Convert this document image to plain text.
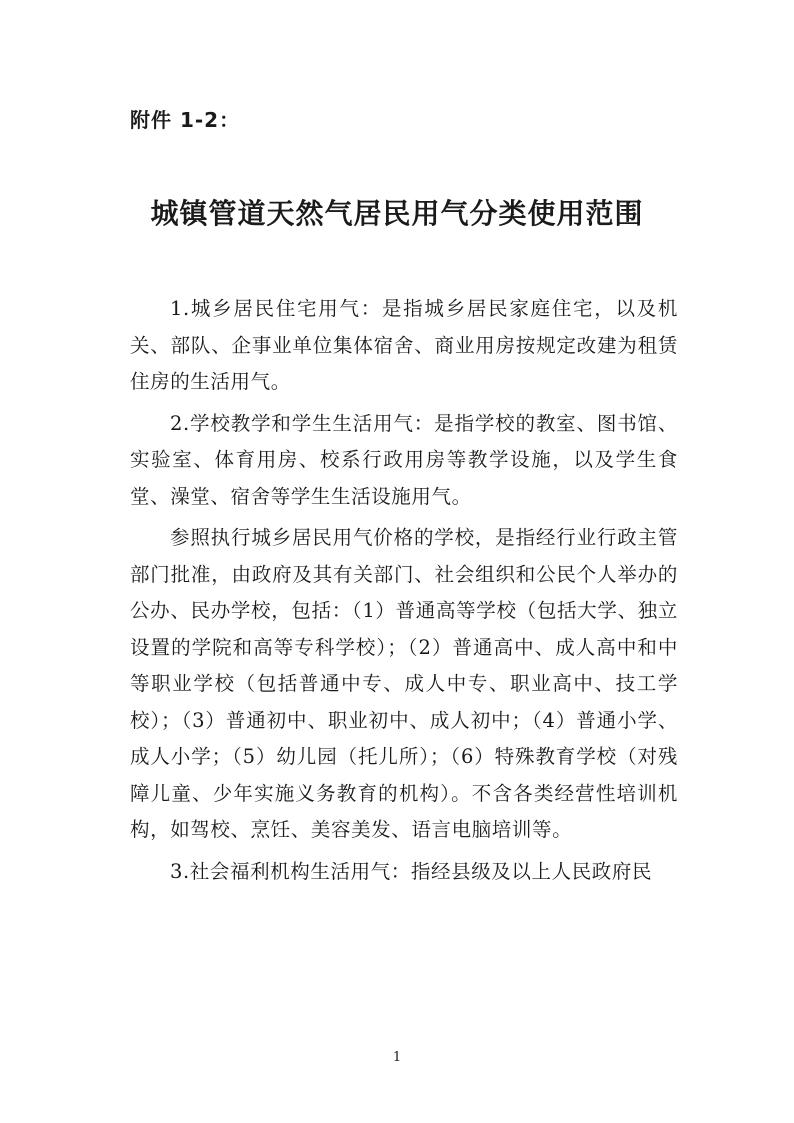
附件 1-2：

城镇管道天然气居民用气分类使用范围

1.城乡居民住宅用气：是指城乡居民家庭住宅，以及机关、部队、企事业单位集体宿舍、商业用房按规定改建为租赁住房的生活用气。

2.学校教学和学生生活用气：是指学校的教室、图书馆、实验室、体育用房、校系行政用房等教学设施，以及学生食堂、澡堂、宿舍等学生生活设施用气。

参照执行城乡居民用气价格的学校，是指经行业行政主管部门批准，由政府及其有关部门、社会组织和公民个人举办的公办、民办学校，包括：（1）普通高等学校（包括大学、独立设置的学院和高等专科学校）；（2）普通高中、成人高中和中等职业学校（包括普通中专、成人中专、职业高中、技工学校）；（3）普通初中、职业初中、成人初中；（4）普通小学、成人小学；（5）幼儿园（托儿所）；（6）特殊教育学校（对残障儿童、少年实施义务教育的机构）。不含各类经营性培训机构，如驾校、烹饪、美容美发、语言电脑培训等。

3.社会福利机构生活用气：指经县级及以上人民政府民

1
